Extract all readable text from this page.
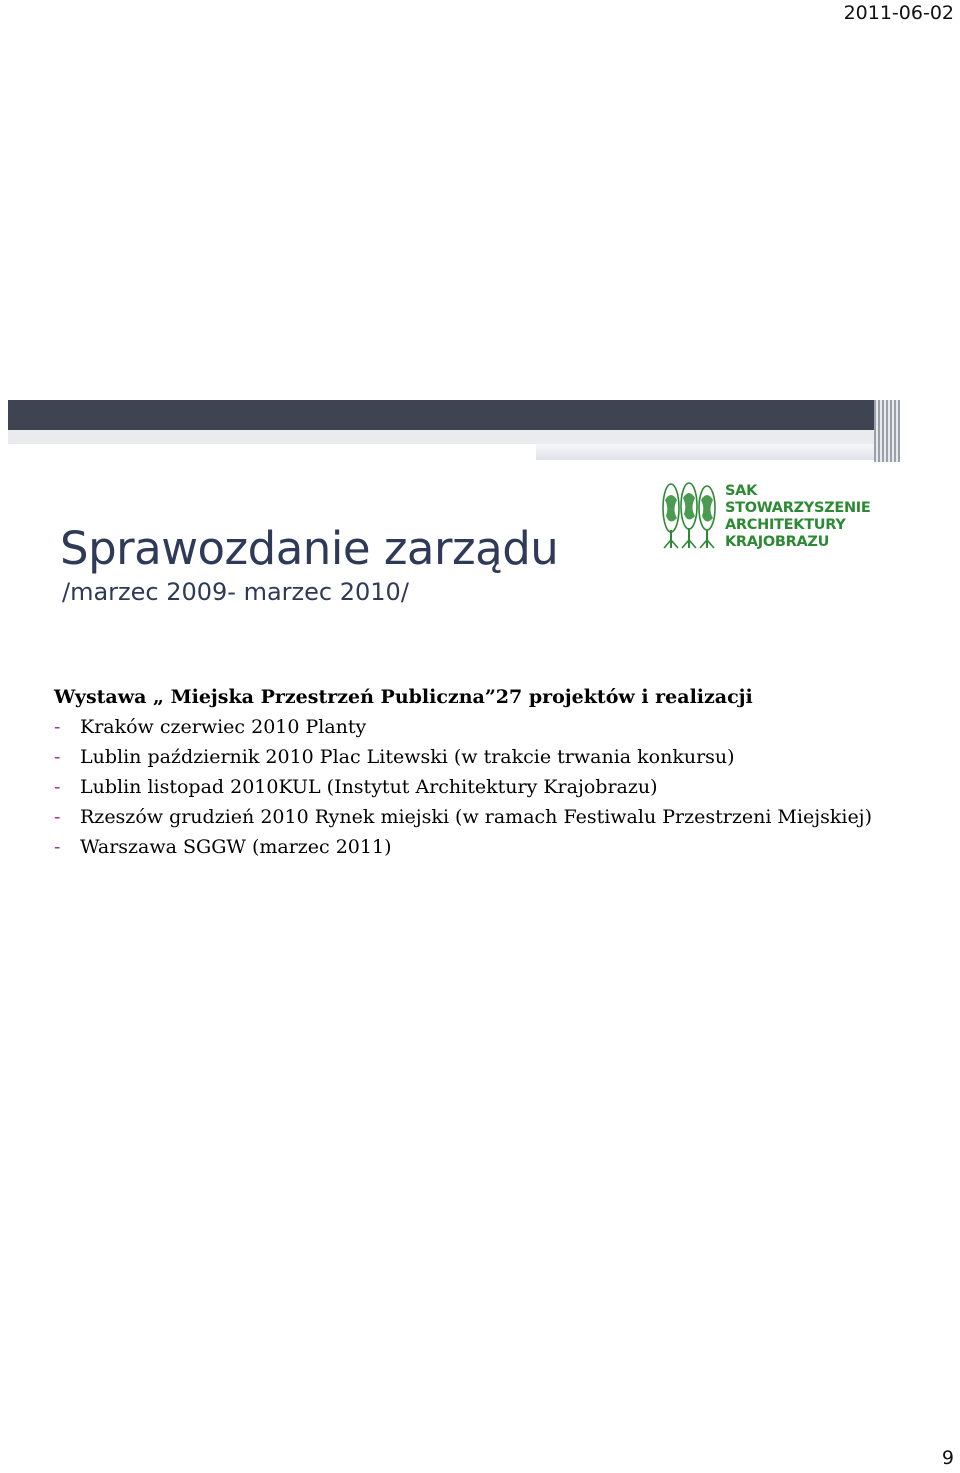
2011-06-02
Sprawozdanie zarządu
/marzec 2009- marzec 2010/
SAK
STOWARZYSZENIE
ARCHITEKTURY
KRAJOBRAZU
Wystawa „ Miejska Przestrzeń Publiczna”27 projektów i realizacji
-	Kraków czerwiec 2010 Planty
-	Lublin październik 2010 Plac Litewski (w trakcie trwania konkursu)
-	Lublin listopad 2010KUL (Instytut Architektury Krajobrazu)
-	Rzeszów grudzień 2010 Rynek miejski (w ramach Festiwalu Przestrzeni Miejskiej)
-	Warszawa SGGW (marzec 2011)
9
